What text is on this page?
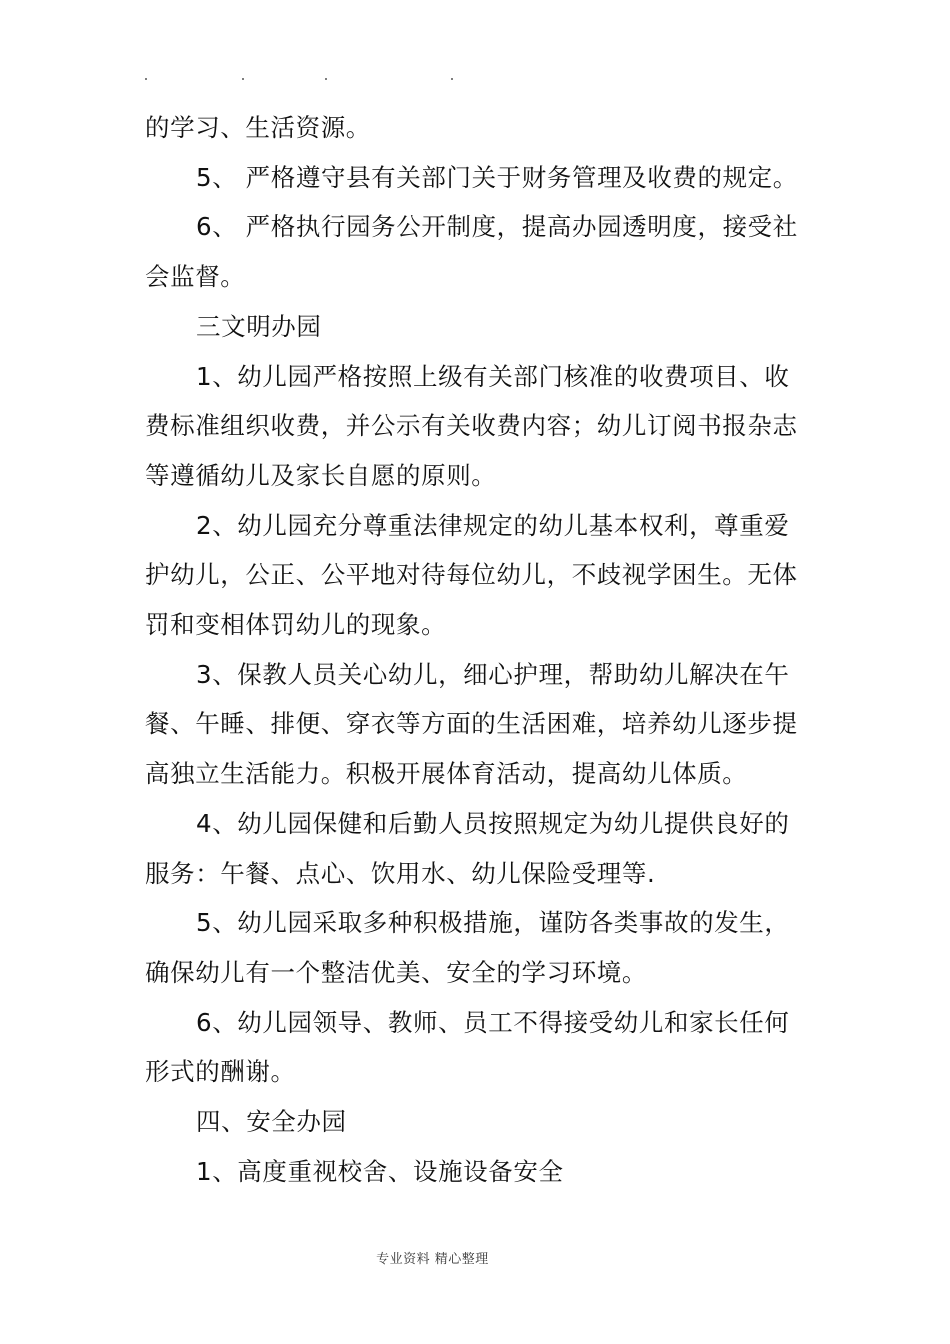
的学习、生活资源。

5、 严格遵守县有关部门关于财务管理及收费的规定。

6、 严格执行园务公开制度，提高办园透明度，接受社

会监督。

三文明办园

1、幼儿园严格按照上级有关部门核准的收费项目、收

费标准组织收费，并公示有关收费内容；幼儿订阅书报杂志

等遵循幼儿及家长自愿的原则。

2、幼儿园充分尊重法律规定的幼儿基本权利，尊重爱

护幼儿，公正、公平地对待每位幼儿，不歧视学困生。无体

罚和变相体罚幼儿的现象。

3、保教人员关心幼儿，细心护理，帮助幼儿解决在午

餐、午睡、排便、穿衣等方面的生活困难，培养幼儿逐步提

高独立生活能力。积极开展体育活动，提高幼儿体质。

4、幼儿园保健和后勤人员按照规定为幼儿提供良好的

服务：午餐、点心、饮用水、幼儿保险受理等.

5、幼儿园采取多种积极措施，谨防各类事故的发生，

确保幼儿有一个整洁优美、安全的学习环境。

6、幼儿园领导、教师、员工不得接受幼儿和家长任何

形式的酬谢。

四、安全办园

1、高度重视校舍、设施设备安全

专业资料 精心整理
